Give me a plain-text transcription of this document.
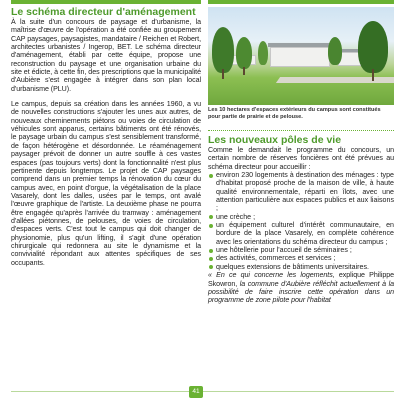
Le schéma directeur d'aménagement

À la suite d'un concours de paysage et d'urbanisme, la maîtrise d'œuvre de l'opération a été confiée au groupement CAP paysages, paysagistes, mandataire / Reichen et Robert, architectes urbanistes / Ingerop, BET. Le schéma directeur d'aménagement, établi par cette équipe, propose une reconstruction du paysage et une organisation urbaine du site et édicte, à cette fin, des prescriptions que la municipalité d'Aubière s'est engagée à intégrer dans son plan local d'urbanisme (PLU).

Le campus, depuis sa création dans les années 1960, a vu de nouvelles constructions s'ajouter les unes aux autres, de nouveaux cheminements piétons ou voies de circulation de véhicules sont apparus, certains bâtiments ont été rénovés, le paysage urbain du campus s'est sensiblement transformé, de façon hétérogène et désordonnée. Le réaménagement paysager prévoit de donner un autre souffle à ces vastes espaces (pas toujours verts) dont la fonctionnalité n'est plus pertinente depuis longtemps. Le projet de CAP paysages comprend dans un premier temps la rénovation du cœur du campus avec, en point d'orgue, la végétalisation de la place Vasarely, dont les dalles, usées par le temps, ont avalé l'œuvre graphique de l'artiste. La deuxième phase ne pourra être engagée qu'après l'arrivée du tramway : aménagement d'allées piétonnes, de pelouses, de voies de circulation, d'espaces verts. C'est tout le campus qui doit changer de physionomie, plus qu'un lifting, il s'agit d'une opération chirurgicale qui redonnera au site le dynamisme et la convivialité répondant aux attentes spécifiques de ses occupants.

Les 10 hectares d'espaces extérieurs du campus sont constitués pour partie de prairie et de pelouse.

Les nouveaux pôles de vie

Comme le demandait le programme du concours, un certain nombre de réserves foncières ont été prévues au schéma directeur pour accueillir :

environ 230 logements à destination des ménages : type d'habitat proposé proche de la maison de ville, à haute qualité environnementale, réparti en îlots, avec une attention particulière aux espaces publics et aux liaisons ;
une crèche ;
un équipement culturel d'intérêt communautaire, en bordure de la place Vasarely, en complète cohérence avec les orientations du schéma directeur du campus ;
une hôtellerie pour l'accueil de séminaires ;
des activités, commerces et services ;
quelques extensions de bâtiments universitaires.

« En ce qui concerne les logements, explique Philippe Skowron, la commune d'Aubière réfléchit actuellement à la possibilité de faire inscrire cette opération dans un programme de zone pilote pour l'habitat

41
